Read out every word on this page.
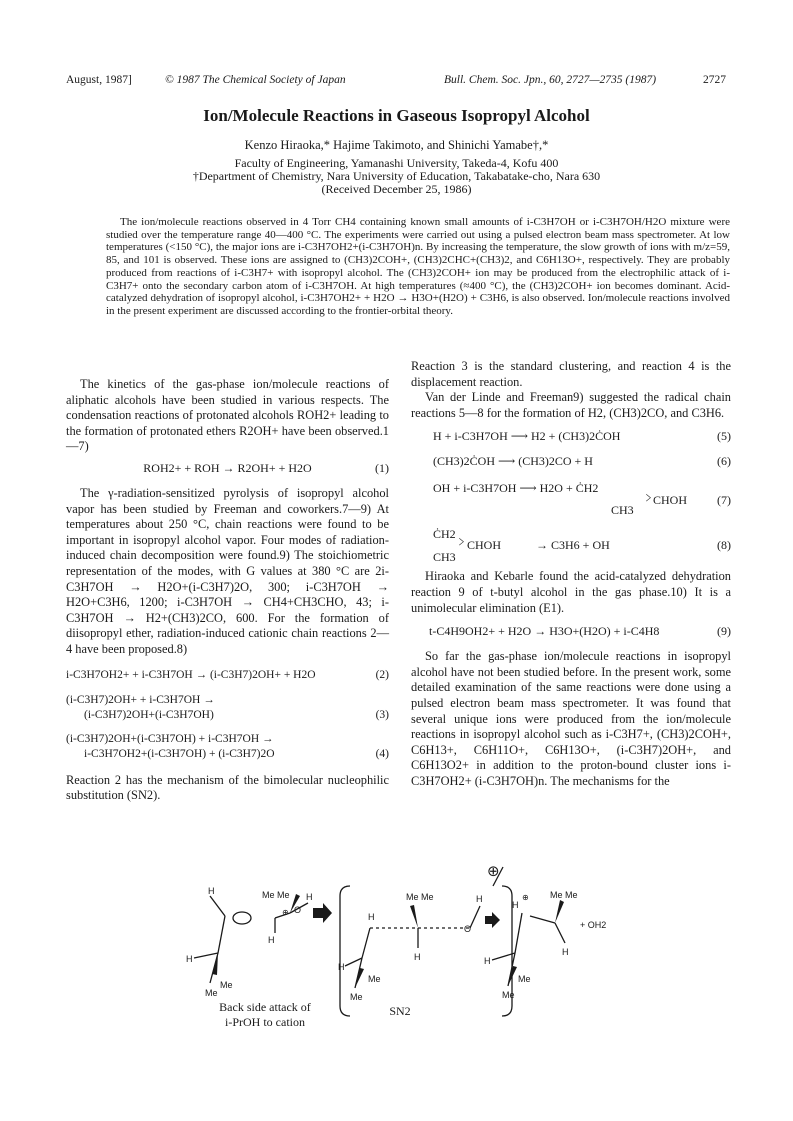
August, 1987]	© 1987 The Chemical Society of Japan	Bull. Chem. Soc. Jpn., 60, 2727—2735 (1987)	2727
Ion/Molecule Reactions in Gaseous Isopropyl Alcohol
Kenzo Hiraoka,* Hajime Takimoto, and Shinichi Yamabe†,*
Faculty of Engineering, Yamanashi University, Takeda-4, Kofu 400
†Department of Chemistry, Nara University of Education, Takabatake-cho, Nara 630
(Received December 25, 1986)

The ion/molecule reactions observed in 4 Torr CH4 containing known small amounts of i-C3H7OH or i-C3H7OH/H2O mixture were studied over the temperature range 40—400 °C. The experiments were carried out using a pulsed electron beam mass spectrometer. At low temperatures (<150 °C), the major ions are i-C3H7OH2+(i-C3H7OH)n. By increasing the temperature, the slow growth of ions with m/z=59, 85, and 101 is observed. These ions are assigned to (CH3)2COH+, (CH3)2CHC+(CH3)2, and C6H13O+, respectively. They are probably produced from reactions of i-C3H7+ with isopropyl alcohol. The (CH3)2COH+ ion may be produced from the electrophilic attack of i-C3H7+ onto the secondary carbon atom of i-C3H7OH. At high temperatures (≈400 °C), the (CH3)2COH+ ion becomes dominant. Acid-catalyzed dehydration of isopropyl alcohol, i-C3H7OH2+ + H2O → H3O+(H2O) + C3H6, is also observed. Ion/molecule reactions involved in the present experiment are discussed according to the frontier-orbital theory.

The kinetics of the gas-phase ion/molecule reactions of aliphatic alcohols have been studied in various respects. The condensation reactions of protonated alcohols ROH2+ leading to the formation of protonated ethers R2OH+ have been observed.1—7)

ROH2+ + ROH → R2OH+ + H2O	(1)

The γ-radiation-sensitized pyrolysis of isopropyl alcohol vapor has been studied by Freeman and coworkers.7—9) At temperatures about 250 °C, chain reactions were found to be important in isopropyl alcohol vapor. Four modes of radiation-induced chain decomposition were found.9) The stoichiometric representation of the modes, with G values at 380 °C are 2i-C3H7OH → H2O+(i-C3H7)2O, 300; i-C3H7OH → H2O+C3H6, 1200; i-C3H7OH → CH4+CH3CHO, 43; i-C3H7OH → H2+(CH3)2CO, 600. For the formation of diisopropyl ether, radiation-induced cationic chain reactions 2—4 have been proposed.8)

i-C3H7OH2+ + i-C3H7OH → (i-C3H7)2OH+ + H2O	(2)
(i-C3H7)2OH+ + i-C3H7OH →
(i-C3H7)2OH+(i-C3H7OH)	(3)
(i-C3H7)2OH+(i-C3H7OH) + i-C3H7OH →
i-C3H7OH2+(i-C3H7OH) + (i-C3H7)2O	(4)

Reaction 2 has the mechanism of the bimolecular nucleophilic substitution (SN2).

Reaction 3 is the standard clustering, and reaction 4 is the displacement reaction.

Van der Linde and Freeman9) suggested the radical chain reactions 5—8 for the formation of H2, (CH3)2CO, and C3H6.

H + i-C3H7OH ⟶ H2 + (CH3)2ĊOH	(5)
(CH3)2ĊOH ⟶ (CH3)2CO + H	(6)
OH + i-C3H7OH ⟶ H2O + ĊH2
> CHOH
CH3
(7)
ĊH2 > CHOH
CH3
→ C3H6 + OH	(8)

Hiraoka and Kebarle found the acid-catalyzed dehydration reaction 9 of t-butyl alcohol in the gas phase.10) It is a unimolecular elimination (E1).

t-C4H9OH2+ + H2O → H3O+(H2O) + i-C4H8	(9)

So far the gas-phase ion/molecule reactions in isopropyl alcohol have not been studied before. In the present work, some detailed examination of the same reactions were done using a pulsed electron beam mass spectrometer. It was found that several unique ions were produced from the ion/molecule reactions in isopropyl alcohol such as i-C3H7+, (CH3)2COH+, C6H13+, C6H11O+, C6H13O+, (i-C3H7)2OH+, and C6H13O2+ in addition to the proton-bound cluster ions i-C3H7OH2+ (i-C3H7OH)n. The mechanisms for the

H
H
Me
Me
Me Me
H
O
H
H
H
Me
Me
Me Me
H
O
H
H
H
Me
Me
Me Me
H
+ OH2
⊕
⊕
⊕
Back side attack of
i-PrOH to cation
SN2
